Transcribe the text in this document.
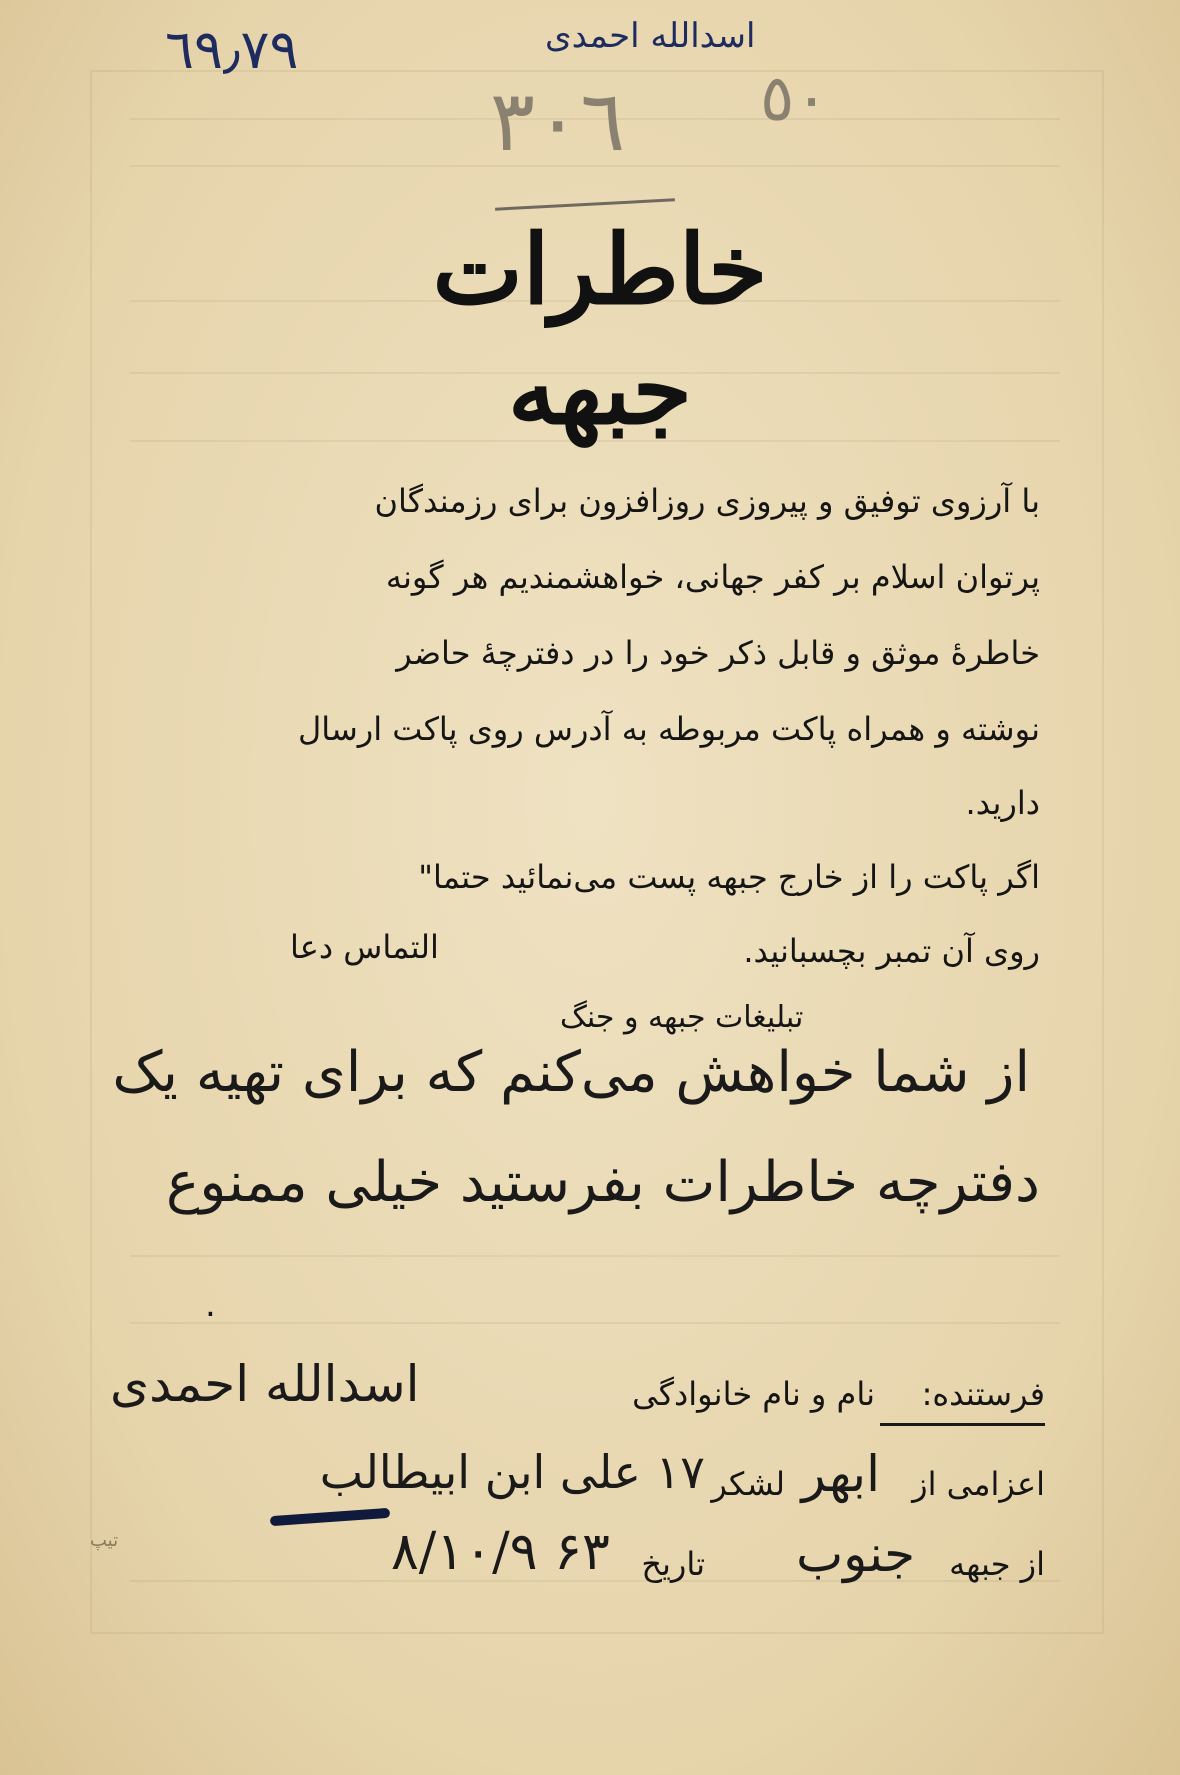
٦٩٫٧٩	اسدالله احمدی
٣٠٦ ٥٠
خاطرات جبهه
با آرزوی توفیق و پیروزی روزافزون برای رزمندگان
پرتوان اسلام بر کفر جهانی، خواهشمندیم هر گونه
خاطرهٔ موثق و قابل ذکر خود را در دفترچهٔ حاضر
نوشته و همراه پاکت مربوطه به آدرس روی پاکت ارسال
دارید.
اگر پاکت را از خارج جبهه پست می‌نمائید حتما"
روی آن تمبر بچسبانید.
التماس دعا
تبلیغات جبهه و جنگ
از شما خواهش می‌کنم که برای تهیه یک
دفترچه خاطرات بفرستید خیلی ممنوع
.
فرستنده:
نام و نام خانوادگی
اسدالله احمدی
اعزامی از
ابهر
لشکر
۱۷ علی ابن ابیطالب
تیپ
از جبهه
جنوب
تاریخ
۸/۱۰/۹ ۶۳
